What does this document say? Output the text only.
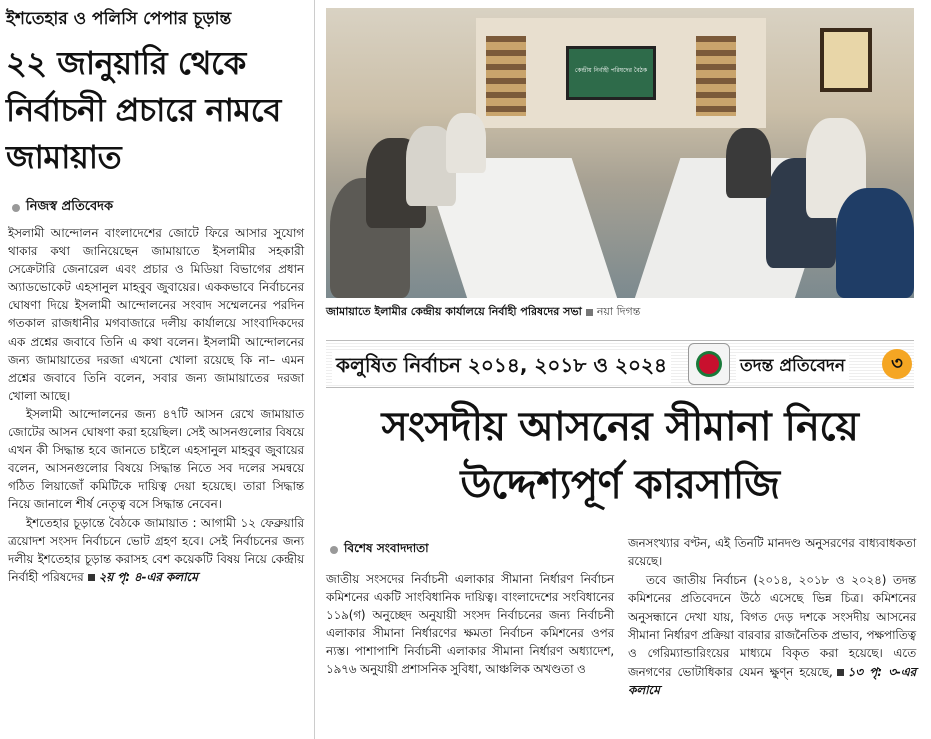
ইশতেহার ও পলিসি পেপার চূড়ান্ত
২২ জানুয়ারি থেকে নির্বাচনী প্রচারে নামবে জামায়াত
নিজস্ব প্রতিবেদক

ইসলামী আন্দোলন বাংলাদেশের জোটে ফিরে আসার সুযোগ থাকার কথা জানিয়েছেন জামায়াতে ইসলামীর সহকারী সেক্রেটারি জেনারেল এবং প্রচার ও মিডিয়া বিভাগের প্রধান অ্যাডভোকেট এহসানুল মাহবুব জুবায়ের। এককভাবে নির্বাচনের ঘোষণা দিয়ে ইসলামী আন্দোলনের সংবাদ সম্মেলনের পরদিন গতকাল রাজধানীর মগবাজারে দলীয় কার্যালয়ে সাংবাদিকদের এক প্রশ্নের জবাবে তিনি এ কথা বলেন। ইসলামী আন্দোলনের জন্য জামায়াতের দরজা এখনো খোলা রয়েছে কি না– এমন প্রশ্নের জবাবে তিনি বলেন, সবার জন্য জামায়াতের দরজা খোলা আছে।

ইসলামী আন্দোলনের জন্য ৪৭টি আসন রেখে জামায়াত জোটের আসন ঘোষণা করা হয়েছিল। সেই আসনগুলোর বিষয়ে এখন কী সিদ্ধান্ত হবে জানতে চাইলে এহসানুল মাহবুব জুবায়ের বলেন, আসনগুলোর বিষয়ে সিদ্ধান্ত নিতে সব দলের সমন্বয়ে গঠিত লিয়াজোঁ কমিটিকে দায়িত্ব দেয়া হয়েছে। তারা সিদ্ধান্ত নিয়ে জানালে শীর্ষ নেতৃত্ব বসে সিদ্ধান্ত নেবেন।

ইশতেহার চূড়ান্তে বৈঠকে জামায়াত : আগামী ১২ ফেব্রুয়ারি ত্রয়োদশ সংসদ নির্বাচনে ভোট গ্রহণ হবে। সেই নির্বাচনের জন্য দলীয় ইশতেহার চূড়ান্ত করাসহ বেশ কয়েকটি বিষয় নিয়ে কেন্দ্রীয় নির্বাহী পরিষদের ২য় পৃ: ৪-এর কলামে

কেন্দ্রীয় নির্বাহী পরিষদের বৈঠক
জামায়াতে ইলামীর কেন্দ্রীয় কার্যালয়ে নির্বাহী পরিষদের সভা নয়া দিগন্ত
কলুষিত নির্বাচন ২০১৪, ২০১৮ ও ২০২৪	তদন্ত প্রতিবেদন	৩
সংসদীয় আসনের সীমানা নিয়ে উদ্দেশ্যপূর্ণ কারসাজি
বিশেষ সংবাদদাতা

জাতীয় সংসদের নির্বাচনী এলাকার সীমানা নির্ধারণ নির্বাচন কমিশনের একটি সাংবিধানিক দায়িত্ব। বাংলাদেশের সংবিধানের ১১৯(গ) অনুচ্ছেদ অনুযায়ী সংসদ নির্বাচনের জন্য নির্বাচনী এলাকার সীমানা নির্ধারণের ক্ষমতা নির্বাচন কমিশনের ওপর ন্যস্ত। পাশাপাশি নির্বাচনী এলাকার সীমানা নির্ধারণ অধ্যাদেশ, ১৯৭৬ অনুযায়ী প্রশাসনিক সুবিধা, আঞ্চলিক অখণ্ডতা ও

জনসংখ্যার বণ্টন, এই তিনটি মানদণ্ড অনুসরণের বাধ্যবাধকতা রয়েছে।

তবে জাতীয় নির্বাচন (২০১৪, ২০১৮ ও ২০২৪) তদন্ত কমিশনের প্রতিবেদনে উঠে এসেছে ভিন্ন চিত্র। কমিশনের অনুসন্ধানে দেখা যায়, বিগত দেড় দশকে সংসদীয় আসনের সীমানা নির্ধারণ প্রক্রিয়া বারবার রাজনৈতিক প্রভাব, পক্ষপাতিত্ব ও গেরিম্যান্ডারিংয়ের মাধ্যমে বিকৃত করা হয়েছে। এতে জনগণের ভোটাধিকার যেমন ক্ষুণ্ন হয়েছে, ১৩ পৃ: ৩-এর কলামে
